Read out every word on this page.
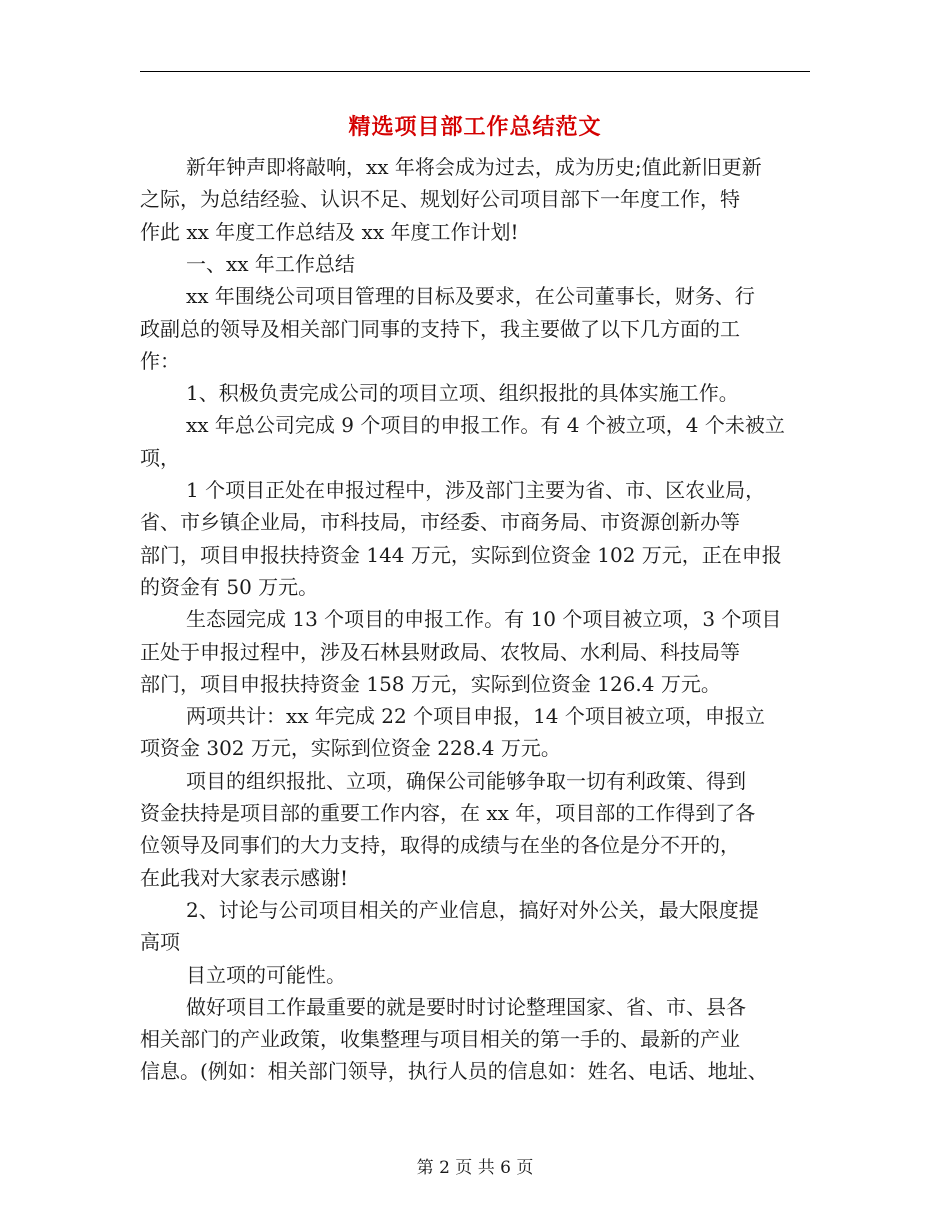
精选项目部工作总结范文
新年钟声即将敲响，xx 年将会成为过去，成为历史;值此新旧更新
之际，为总结经验、认识不足、规划好公司项目部下一年度工作，特
作此 xx 年度工作总结及 xx 年度工作计划!
一、xx 年工作总结
xx 年围绕公司项目管理的目标及要求，在公司董事长，财务、行
政副总的领导及相关部门同事的支持下，我主要做了以下几方面的工
作：
1、积极负责完成公司的项目立项、组织报批的具体实施工作。
xx 年总公司完成 9 个项目的申报工作。有 4 个被立项，4 个未被立
项，
1 个项目正处在申报过程中，涉及部门主要为省、市、区农业局，
省、市乡镇企业局，市科技局，市经委、市商务局、市资源创新办等
部门，项目申报扶持资金 144 万元，实际到位资金 102 万元，正在申报
的资金有 50 万元。
生态园完成 13 个项目的申报工作。有 10 个项目被立项，3 个项目
正处于申报过程中，涉及石林县财政局、农牧局、水利局、科技局等
部门，项目申报扶持资金 158 万元，实际到位资金 126.4 万元。
两项共计：xx 年完成 22 个项目申报，14 个项目被立项，申报立
项资金 302 万元，实际到位资金 228.4 万元。
项目的组织报批、立项，确保公司能够争取一切有利政策、得到
资金扶持是项目部的重要工作内容，在 xx 年，项目部的工作得到了各
位领导及同事们的大力支持，取得的成绩与在坐的各位是分不开的，
在此我对大家表示感谢!
2、讨论与公司项目相关的产业信息，搞好对外公关，最大限度提
高项
目立项的可能性。
做好项目工作最重要的就是要时时讨论整理国家、省、市、县各
相关部门的产业政策，收集整理与项目相关的第一手的、最新的产业
信息。(例如：相关部门领导，执行人员的信息如：姓名、电话、地址、
第 2 页 共 6 页
